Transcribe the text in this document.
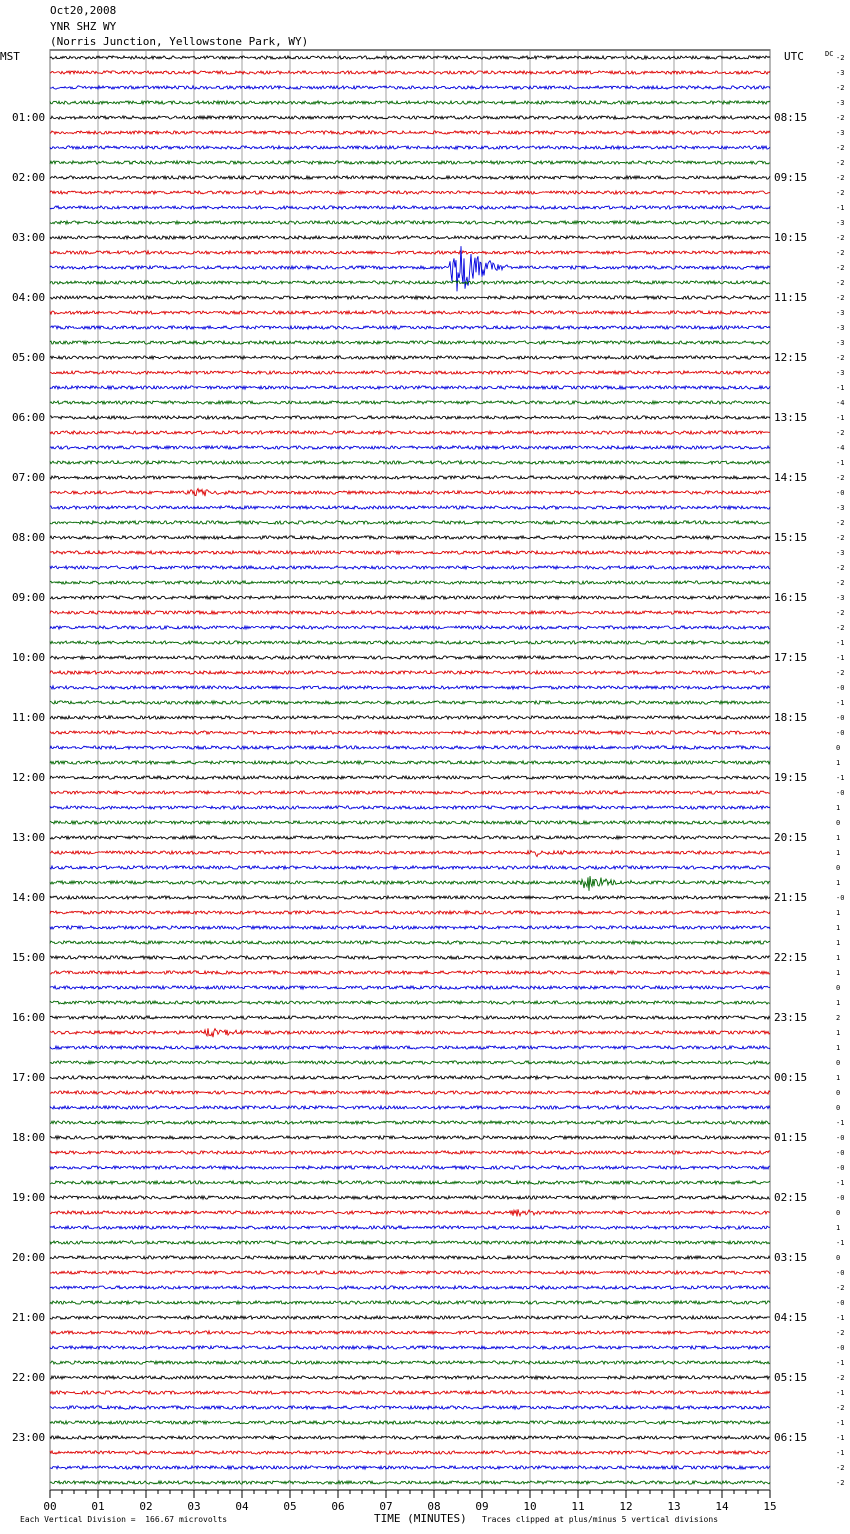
Oct20,2008
YNR SHZ WY
(Norris Junction, Yellowstone Park, WY)
MST	UTC	DC
00	01	02	03	04	05	06	07	08	09	10	11	12	13	14	15
TIME (MINUTES)
Each Vertical Division =  166.67 microvolts	Traces clipped at plus/minus 5 vertical divisions
01:00	08:15
02:00	09:15
03:00	10:15
04:00	11:15
05:00	12:15
06:00	13:15
07:00	14:15
08:00	15:15
09:00	16:15
10:00	17:15
11:00	18:15
12:00	19:15
13:00	20:15
14:00	21:15
15:00	22:15
16:00	23:15
17:00	00:15
18:00	01:15
19:00	02:15
20:00	03:15
21:00	04:15
22:00	05:15
23:00	06:15
-2
-3
-2
-3
-2
-3
-2
-2
-2
-2
-1
-3
-2
-2
-2
-2
-2
-3
-3
-3
-2
-3
-1
-4
-1
-2
-4
-1
-2
-0
-3
-2
-2
-3
-2
-2
-3
-2
-2
-1
-1
-2
-0
-1
-0
-0
0
1
-1
-0
1
0
1
1
0
1
-0
1
1
1
1
1
0
1
2
1
1
0
1
0
0
-1
-0
-0
-0
-1
-0
0
1
-1
0
-0
-2
-0
-1
-2
-0
-1
-2
-1
-2
-1
-1
-1
-2
-2
